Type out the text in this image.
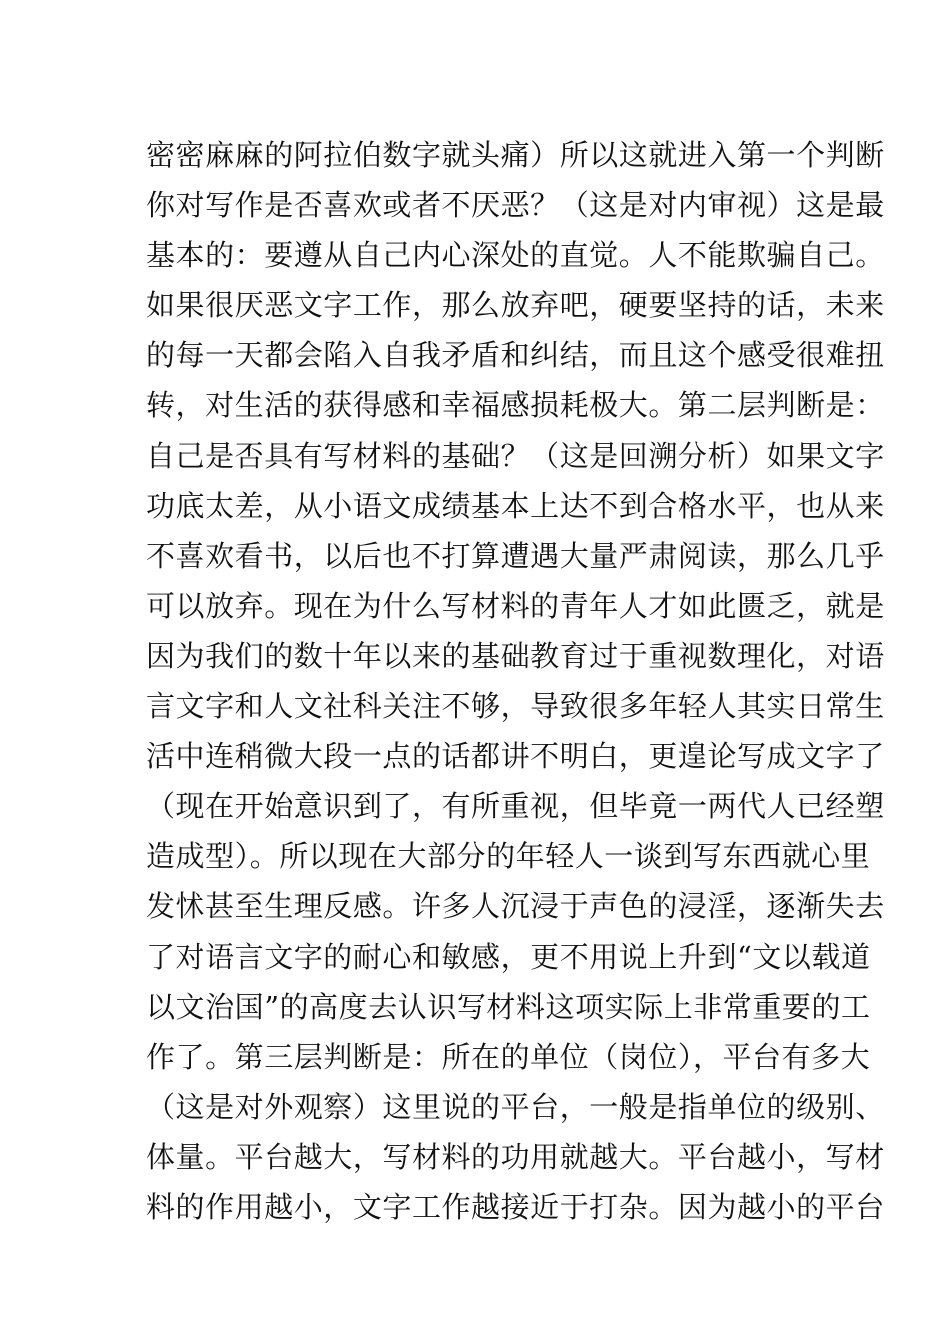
密密麻麻的阿拉伯数字就头痛）所以这就进入第一个判断
你对写作是否喜欢或者不厌恶？（这是对内审视）这是最
基本的：要遵从自己内心深处的直觉。人不能欺骗自己。
如果很厌恶文字工作，那么放弃吧，硬要坚持的话，未来
的每一天都会陷入自我矛盾和纠结，而且这个感受很难扭
转，对生活的获得感和幸福感损耗极大。第二层判断是：
自己是否具有写材料的基础？（这是回溯分析）如果文字
功底太差，从小语文成绩基本上达不到合格水平，也从来
不喜欢看书，以后也不打算遭遇大量严肃阅读，那么几乎
可以放弃。现在为什么写材料的青年人才如此匮乏，就是
因为我们的数十年以来的基础教育过于重视数理化，对语
言文字和人文社科关注不够，导致很多年轻人其实日常生
活中连稍微大段一点的话都讲不明白，更遑论写成文字了
（现在开始意识到了，有所重视，但毕竟一两代人已经塑
造成型）。所以现在大部分的年轻人一谈到写东西就心里
发怵甚至生理反感。许多人沉浸于声色的浸淫，逐渐失去
了对语言文字的耐心和敏感，更不用说上升到“文以载道
以文治国”的高度去认识写材料这项实际上非常重要的工
作了。第三层判断是：所在的单位（岗位），平台有多大
（这是对外观察）这里说的平台，一般是指单位的级别、
体量。平台越大，写材料的功用就越大。平台越小，写材
料的作用越小，文字工作越接近于打杂。因为越小的平台
